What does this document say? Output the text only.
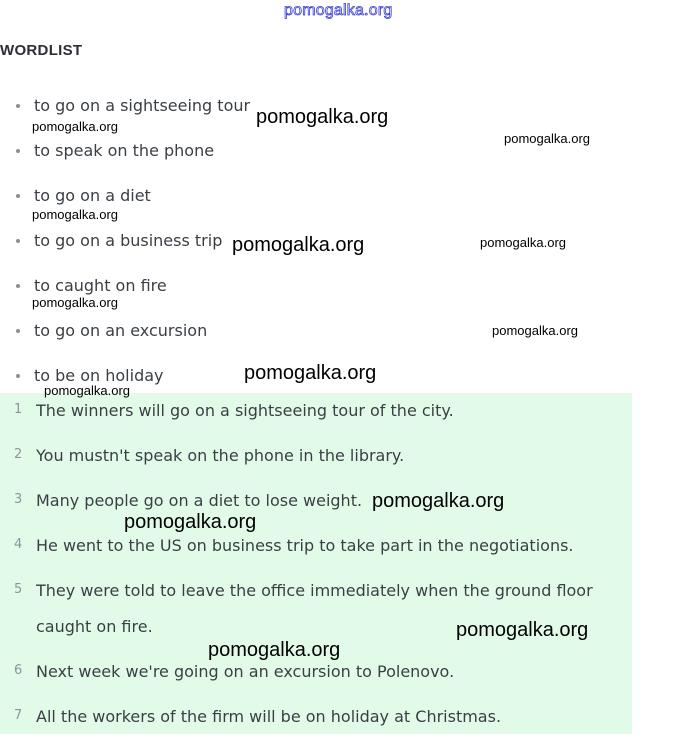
pomogalka.org
WORDLIST
to go on a sightseeing tour
to speak on the phone
to go on a diet
to go on a business trip
to caught on fire
to go on an excursion
to be on holiday
1 The winners will go on a sightseeing tour of the city.
2 You mustn't speak on the phone in the library.
3 Many people go on a diet to lose weight.
4 He went to the US on business trip to take part in the negotiations.
5 They were told to leave the office immediately when the ground floor caught on fire.
6 Next week we're going on an excursion to Polenovo.
7 All the workers of the firm will be on holiday at Christmas.
pomogalka.org	pomogalka.org
pomogalka.org
pomogalka.org
pomogalka.org	pomogalka.org
pomogalka.org
pomogalka.org
pomogalka.org
pomogalka.org
pomogalka.org
pomogalka.org
pomogalka.org
pomogalka.org
